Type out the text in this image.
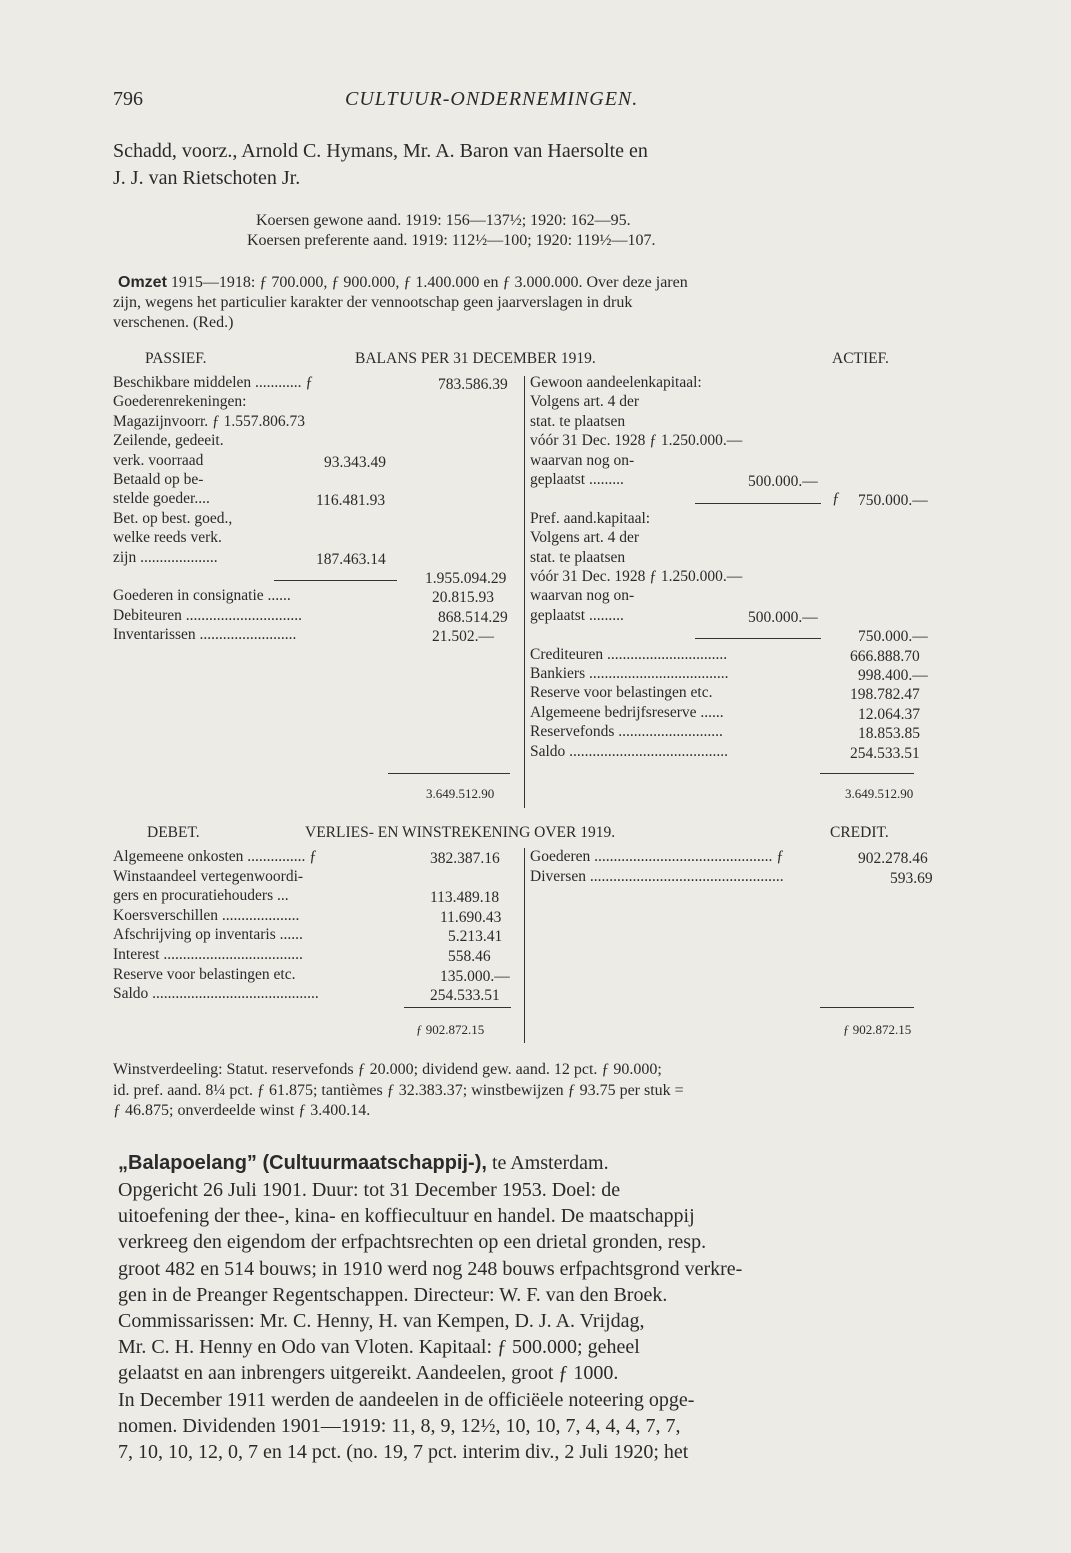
796	CULTUUR-ONDERNEMINGEN.
Schadd, voorz., Arnold C. Hymans, Mr. A. Baron van Haersolte en
J. J. van Rietschoten Jr.
Koersen gewone aand. 1919: 156—137½; 1920: 162—95.
Koersen preferente aand. 1919: 112½—100; 1920: 119½—107.
Omzet 1915—1918: ƒ 700.000, ƒ 900.000, ƒ 1.400.000 en ƒ 3.000.000. Over deze jaren
zijn, wegens het particulier karakter der vennootschap geen jaarverslagen in druk
verschenen. (Red.)
PASSIEF.	BALANS PER 31 DECEMBER 1919.	ACTIEF.
Beschikbare middelen ............ ƒ	783.586.39
Goederenrekeningen:
Magazijnvoorr. ƒ 1.557.806.73
Zeilende, gedeeit.
verk. voorraad	93.343.49
Betaald op be-
stelde goeder....	116.481.93
Bet. op best. goed.,
welke reeds verk.
zijn ....................	187.463.14
1.955.094.29
Goederen in consignatie ......	20.815.93
Debiteuren ..............................	868.514.29
Inventarissen .........................	21.502.—
Gewoon aandeelenkapitaal:
Volgens art. 4 der
stat. te plaatsen
vóór 31 Dec. 1928 ƒ 1.250.000.—
waarvan nog on-
geplaatst .........	500.000.—
ƒ 750.000.—
Pref. aand.kapitaal:
Volgens art. 4 der
stat. te plaatsen
vóór 31 Dec. 1928 ƒ 1.250.000.—
waarvan nog on-
geplaatst .........	500.000.—
750.000.—
Crediteuren ...............................	666.888.70
Bankiers ....................................	998.400.—
Reserve voor belastingen etc.	198.782.47
Algemeene bedrijfsreserve ......	12.064.37
Reservefonds ...........................	18.853.85
Saldo .........................................	254.533.51
3.649.512.90	3.649.512.90
DEBET.	VERLIES- EN WINSTREKENING OVER 1919.	CREDIT.
Algemeene onkosten ............... ƒ	382.387.16
Winstaandeel vertegenwoordi-
gers en procuratiehouders ...	113.489.18
Koersverschillen ....................	11.690.43
Afschrijving op inventaris ......	5.213.41
Interest ....................................	558.46
Reserve voor belastingen etc.	135.000.—
Saldo ...........................................	254.533.51
Goederen .............................................. ƒ	902.278.46
Diversen ..................................................	593.69
ƒ 902.872.15	ƒ 902.872.15
Winstverdeeling: Statut. reservefonds ƒ 20.000; dividend gew. aand. 12 pct. ƒ 90.000;
id. pref. aand. 8¼ pct. ƒ 61.875; tantièmes ƒ 32.383.37; winstbewijzen ƒ 93.75 per stuk =
ƒ 46.875; onverdeelde winst ƒ 3.400.14.
„Balapoelang” (Cultuurmaatschappij-), te Amsterdam.
Opgericht 26 Juli 1901. Duur: tot 31 December 1953. Doel: de
uitoefening der thee-, kina- en koffiecultuur en handel. De maatschappij
verkreeg den eigendom der erfpachtsrechten op een drietal gronden, resp.
groot 482 en 514 bouws; in 1910 werd nog 248 bouws erfpachtsgrond verkre-
gen in de Preanger Regentschappen. Directeur: W. F. van den Broek.
Commissarissen: Mr. C. Henny, H. van Kempen, D. J. A. Vrijdag,
Mr. C. H. Henny en Odo van Vloten. Kapitaal: ƒ 500.000; geheel
gelaatst en aan inbrengers uitgereikt. Aandeelen, groot ƒ 1000.
In December 1911 werden de aandeelen in de officiëele noteering opge-
nomen. Dividenden 1901—1919: 11, 8, 9, 12½, 10, 10, 7, 4, 4, 4, 7, 7,
7, 10, 10, 12, 0, 7 en 14 pct. (no. 19, 7 pct. interim div., 2 Juli 1920; het
